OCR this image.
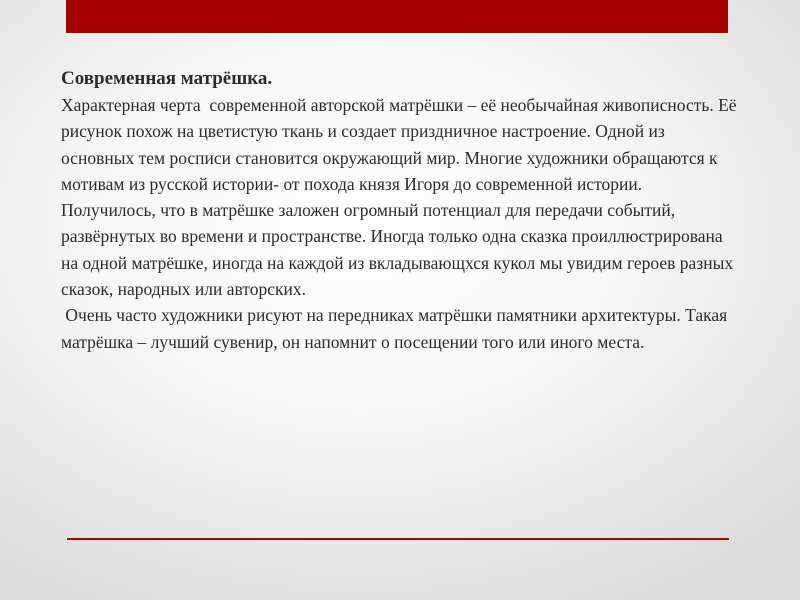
Современная матрёшка.

Характерная черта  современной авторской матрёшки – её необычайная живописность. Её рисунок похож на цветистую ткань и создает приздничное настроение. Одной из основных тем росписи становится окружающий мир. Многие художники обращаются к мотивам из русской истории- от похода князя Игоря до современной истории. Получилось, что в матрёшке заложен огромный потенциал для передачи событий, развёрнутых во времени и пространстве. Иногда только одна сказка проиллюстрирована на одной матрёшке, иногда на каждой из вкладывающхся кукол мы увидим героев разных сказок, народных или авторских.

Очень часто художники рисуют на передниках матрёшки памятники архитектуры. Такая матрёшка – лучший сувенир, он напомнит о посещении того или иного места.
